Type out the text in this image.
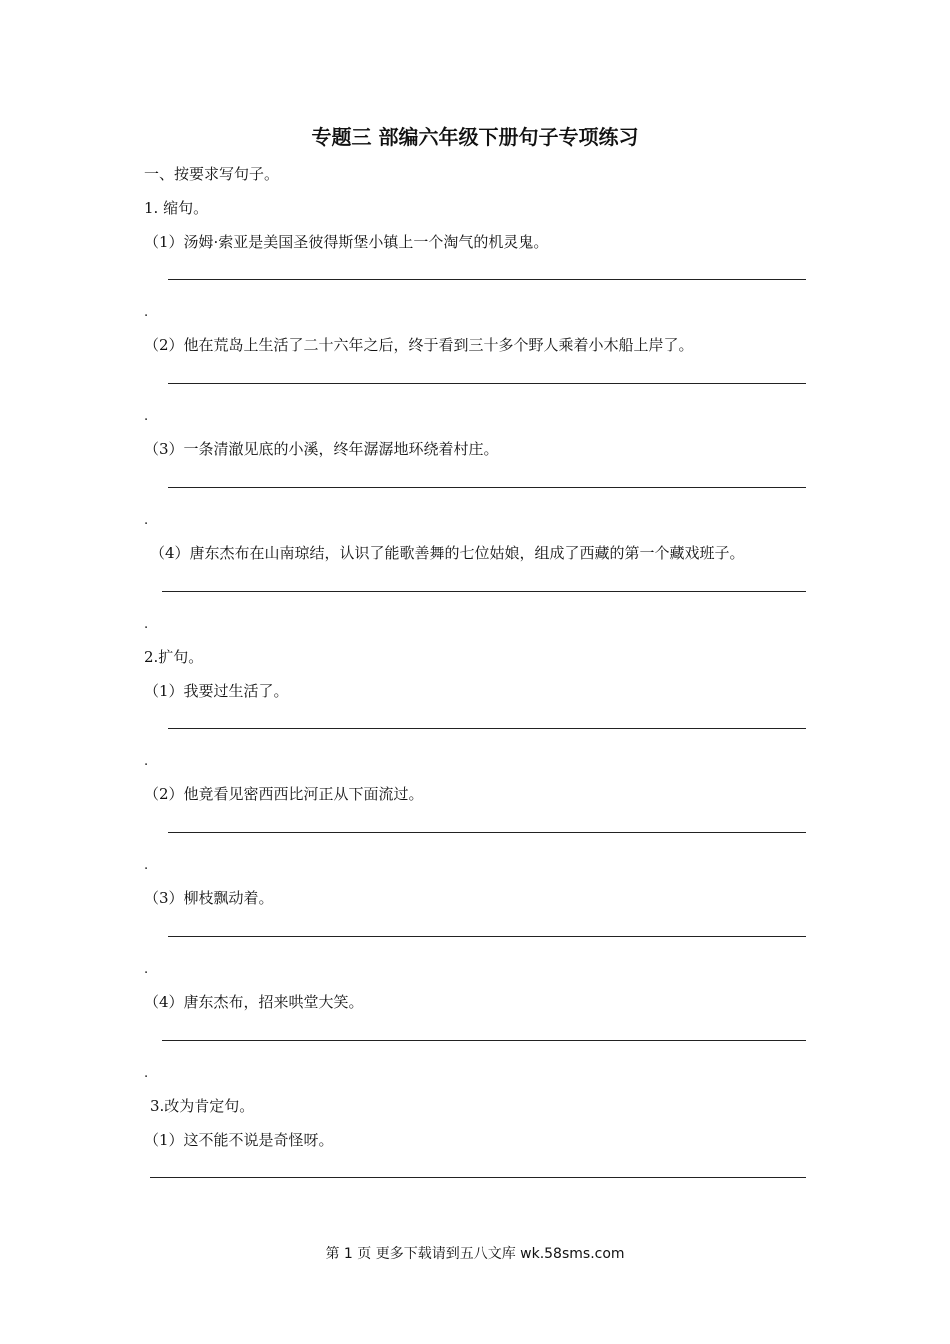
专题三 部编六年级下册句子专项练习
一、按要求写句子。
1. 缩句。
（1）汤姆·索亚是美国圣彼得斯堡小镇上一个淘气的机灵鬼。
.
（2）他在荒岛上生活了二十六年之后，终于看到三十多个野人乘着小木船上岸了。
.
（3）一条清澈见底的小溪，终年潺潺地环绕着村庄。
.
（4）唐东杰布在山南琼结，认识了能歌善舞的七位姑娘，组成了西藏的第一个藏戏班子。
.
2.扩句。
（1）我要过生活了。
.
（2）他竟看见密西西比河正从下面流过。
.
（3）柳枝飘动着。
.
（4）唐东杰布，招来哄堂大笑。
.
3.改为肯定句。
（1）这不能不说是奇怪呀。
第 1 页 更多下载请到五八文库 wk.58sms.com
